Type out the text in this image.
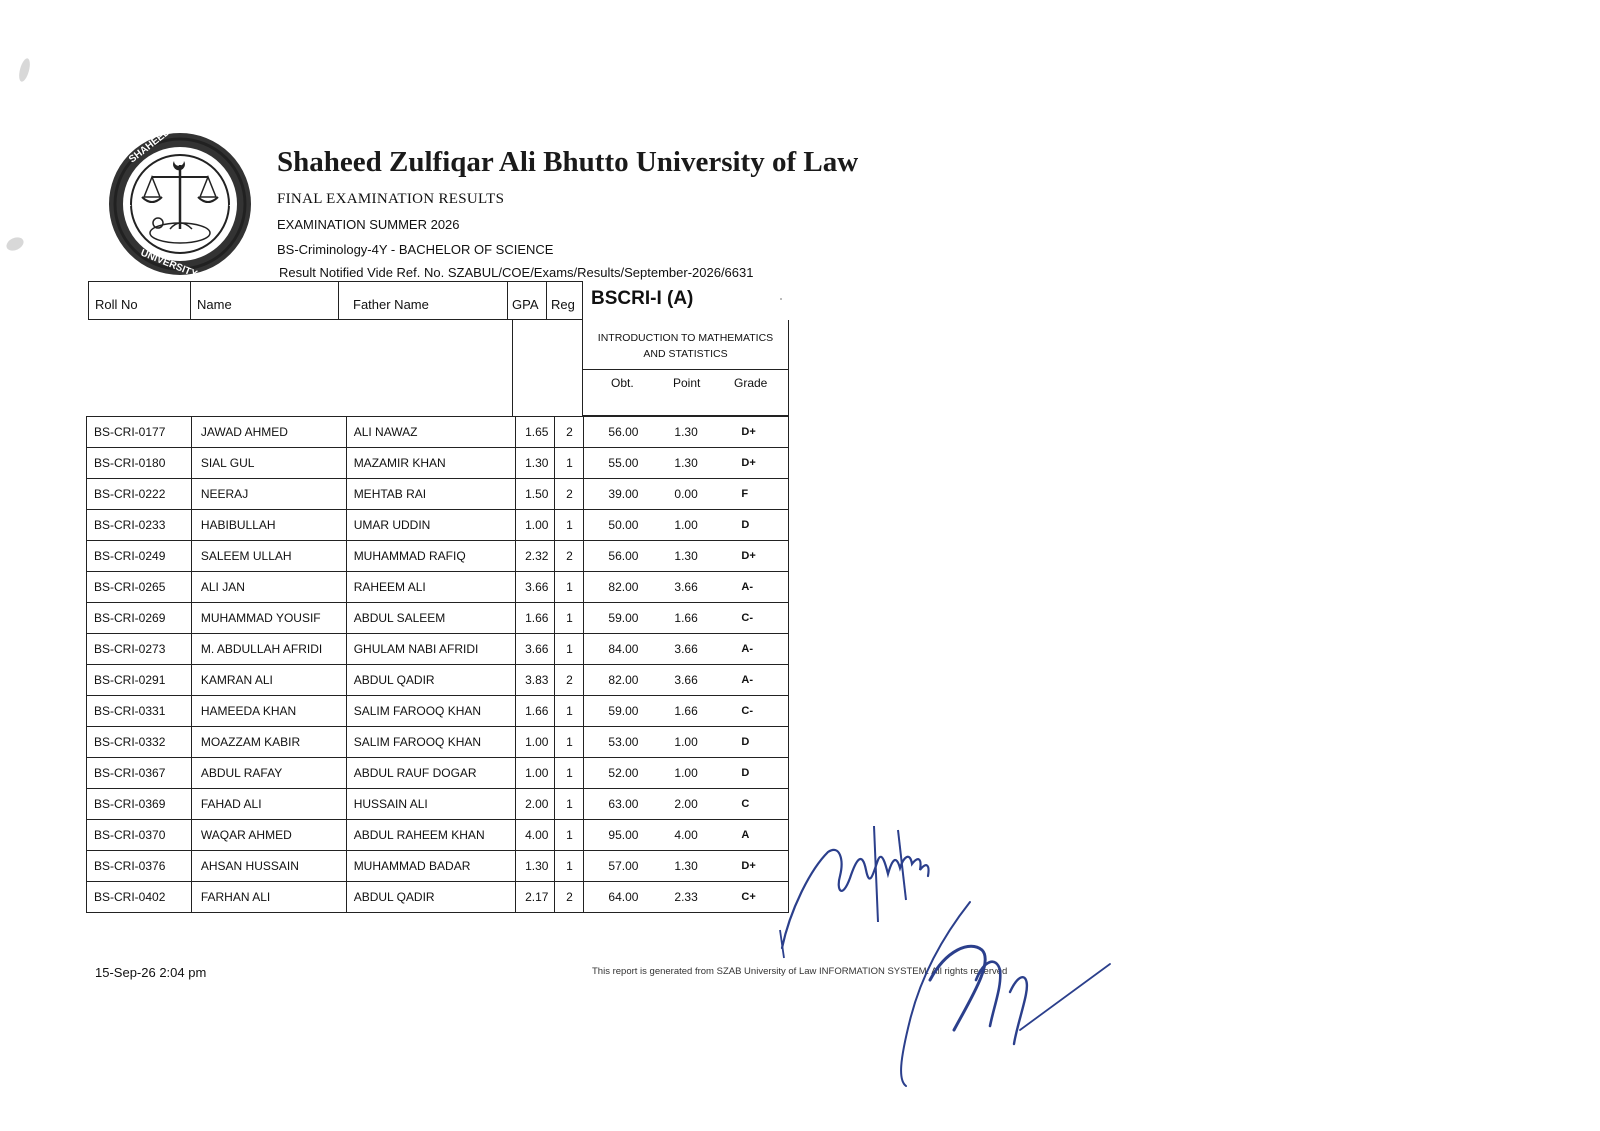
SHAHEED ZULFIQAR ALI BHUTTO
UNIVERSITY OF LAW
★	★
Shaheed Zulfiqar Ali Bhutto University of Law
FINAL EXAMINATION RESULTS
EXAMINATION SUMMER 2026
BS-Criminology-4Y - BACHELOR OF SCIENCE
Result Notified Vide Ref. No. SZABUL/COE/Exams/Results/September-2026/6631
BSCRI-I (A)
Roll No	Name	Father Name	GPA Reg
INTRODUCTION TO MATHEMATICS
AND STATISTICS
Obt.	Point	Grade
BS-CRI-0177	JAWAD AHMED	ALI NAWAZ	1.65	2	56.00 1.30 D+

BS-CRI-0180	SIAL GUL	MAZAMIR KHAN	1.30	1	55.00 1.30 D+

BS-CRI-0222	NEERAJ	MEHTAB RAI	1.50	2	39.00 0.00 F

BS-CRI-0233	HABIBULLAH	UMAR UDDIN	1.00	1	50.00 1.00 D

BS-CRI-0249	SALEEM ULLAH	MUHAMMAD RAFIQ	2.32	2	56.00 1.30 D+

BS-CRI-0265	ALI JAN	RAHEEM ALI	3.66	1	82.00 3.66 A-

BS-CRI-0269	MUHAMMAD YOUSIF	ABDUL SALEEM	1.66	1	59.00 1.66 C-

BS-CRI-0273	M. ABDULLAH AFRIDI	GHULAM NABI AFRIDI	3.66	1	84.00 3.66 A-

BS-CRI-0291	KAMRAN ALI	ABDUL QADIR	3.83	2	82.00 3.66 A-

BS-CRI-0331	HAMEEDA KHAN	SALIM FAROOQ KHAN	1.66	1	59.00 1.66 C-

BS-CRI-0332	MOAZZAM KABIR	SALIM FAROOQ KHAN	1.00	1	53.00 1.00 D

BS-CRI-0367	ABDUL RAFAY	ABDUL RAUF DOGAR	1.00	1	52.00 1.00 D

BS-CRI-0369	FAHAD ALI	HUSSAIN ALI	2.00	1	63.00 2.00 C

BS-CRI-0370	WAQAR AHMED	ABDUL RAHEEM KHAN	4.00	1	95.00 4.00 A

BS-CRI-0376	AHSAN HUSSAIN	MUHAMMAD BADAR	1.30	1	57.00 1.30 D+

BS-CRI-0402	FARHAN ALI	ABDUL QADIR	2.17	2	64.00 2.33 C+
15-Sep-26 2:04 pm	This report is generated from SZAB University of Law INFORMATION SYSTEM. All rights reserved
